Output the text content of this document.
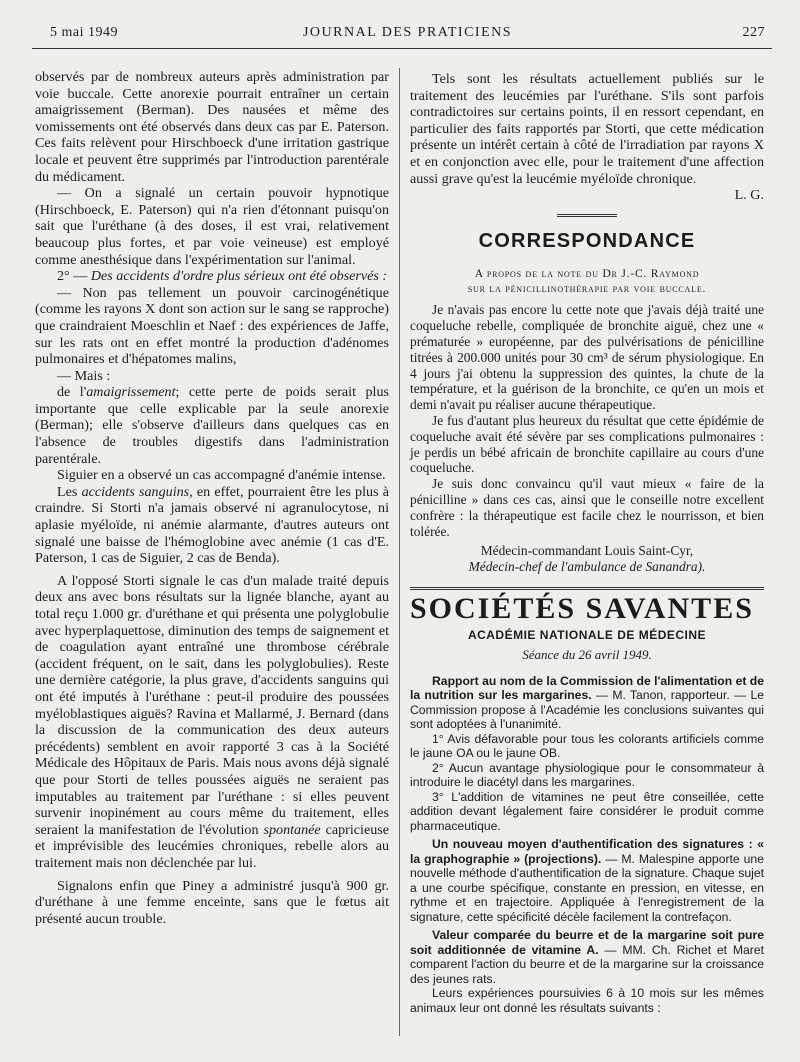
JOURNAL DES PRATICIENS
5 mai 1949	227

observés par de nombreux auteurs après administration par voie buccale. Cette anorexie pourrait entraîner un certain amaigrissement (Berman). Des nausées et même des vomissements ont été observés dans deux cas par E. Paterson. Ces faits relèvent pour Hirschboeck d'une irritation gastrique locale et peuvent être supprimés par l'introduction parentérale du médicament.

— On a signalé un certain pouvoir hypnotique (Hirschboeck, E. Paterson) qui n'a rien d'étonnant puisqu'on sait que l'uréthane (à des doses, il est vrai, relativement beaucoup plus fortes, et par voie veineuse) est employé comme anesthésique dans l'expérimentation sur l'animal.

2° — Des accidents d'ordre plus sérieux ont été observés :

— Non pas tellement un pouvoir carcinogénétique (comme les rayons X dont son action sur le sang se rapproche) que craindraient Moeschlin et Naef : des expériences de Jaffe, sur les rats ont en effet montré la production d'adénomes pulmonaires et d'hépatomes malins,

— Mais :

de l'amaigrissement; cette perte de poids serait plus importante que celle explicable par la seule anorexie (Berman); elle s'observe d'ailleurs dans quelques cas en l'absence de troubles digestifs dans l'administration parentérale.

Siguier en a observé un cas accompagné d'anémie intense.

Les accidents sanguins, en effet, pourraient être les plus à craindre. Si Storti n'a jamais observé ni agranulocytose, ni aplasie myéloïde, ni anémie alarmante, d'autres auteurs ont signalé une baisse de l'hémoglobine avec anémie (1 cas d'E. Paterson, 1 cas de Siguier, 2 cas de Benda).

A l'opposé Storti signale le cas d'un malade traité depuis deux ans avec bons résultats sur la lignée blanche, ayant au total reçu 1.000 gr. d'uréthane et qui présenta une polyglobulie avec hyperplaquettose, diminution des temps de saignement et de coagulation ayant entraîné une thrombose cérébrale (accident fréquent, on le sait, dans les polyglobulies). Reste une dernière catégorie, la plus grave, d'accidents sanguins qui ont été imputés à l'uréthane : peut-il produire des poussées myéloblastiques aiguës? Ravina et Mallarmé, J. Bernard (dans la discussion de la communication des deux auteurs précédents) semblent en avoir rapporté 3 cas à la Société Médicale des Hôpitaux de Paris. Mais nous avons déjà signalé que pour Storti de telles poussées aiguës ne seraient pas imputables au traitement par l'uréthane : si elles peuvent survenir inopinément au cours même du traitement, elles seraient la manifestation de l'évolution spontanée capricieuse et imprévisible des leucémies chroniques, rebelle alors au traitement mais non déclenchée par lui.

Signalons enfin que Piney a administré jusqu'à 900 gr. d'uréthane à une femme enceinte, sans que le fœtus ait présenté aucun trouble.

Tels sont les résultats actuellement publiés sur le traitement des leucémies par l'uréthane. S'ils sont parfois contradictoires sur certains points, il en ressort cependant, en particulier des faits rapportés par Storti, que cette médication présente un intérêt certain à côté de l'irradiation par rayons X et en conjonction avec elle, pour le traitement d'une affection aussi grave qu'est la leucémie myéloïde chronique.

L. G.

CORRESPONDANCE
A propos de la note du Dr J.-C. Raymond
sur la pénicillinothérapie par voie buccale.

Je n'avais pas encore lu cette note que j'avais déjà traité une coqueluche rebelle, compliquée de bronchite aiguë, chez une « prématurée » européenne, par des pulvérisations de pénicilline titrées à 200.000 unités pour 30 cm³ de sérum physiologique. En 4 jours j'ai obtenu la suppression des quintes, la chute de la température, et la guérison de la bronchite, ce qu'en un mois et demi n'avait pu réaliser aucune thérapeutique.

Je fus d'autant plus heureux du résultat que cette épidémie de coqueluche avait été sévère par ses complications pulmonaires : je perdis un bébé africain de bronchite capillaire au cours d'une coqueluche.

Je suis donc convaincu qu'il vaut mieux « faire de la pénicilline » dans ces cas, ainsi que le conseille notre excellent confrère : la thérapeutique est facile chez le nourrisson, et bien tolérée.

Médecin-commandant Louis Saint-Cyr,
Médecin-chef de l'ambulance de Sanandra).
SOCIÉTÉS SAVANTES
ACADÉMIE NATIONALE DE MÉDECINE
Séance du 26 avril 1949.

Rapport au nom de la Commission de l'alimentation et de la nutrition sur les margarines. — M. Tanon, rapporteur. — Le Commission propose à l'Académie les conclusions suivantes qui sont adoptées à l'unanimité.

1° Avis défavorable pour tous les colorants artificiels comme le jaune OA ou le jaune OB.

2° Aucun avantage physiologique pour le consommateur à introduire le diacétyl dans les margarines.

3° L'addition de vitamines ne peut être conseillée, cette addition devant légalement faire considérer le produit comme pharmaceutique.

Un nouveau moyen d'authentification des signatures : « la graphographie » (projections). — M. Malespine apporte une nouvelle méthode d'authentification de la signature. Chaque sujet a une courbe spécifique, constante en pression, en vitesse, en rythme et en trajectoire. Appliquée à l'enregistrement de la signature, cette spécificité décèle facilement la contrefaçon.

Valeur comparée du beurre et de la margarine soit pure soit additionnée de vitamine A. — MM. Ch. Richet et Maret comparent l'action du beurre et de la margarine sur la croissance des jeunes rats.

Leurs expériences poursuivies 6 à 10 mois sur les mêmes animaux leur ont donné les résultats suivants :
